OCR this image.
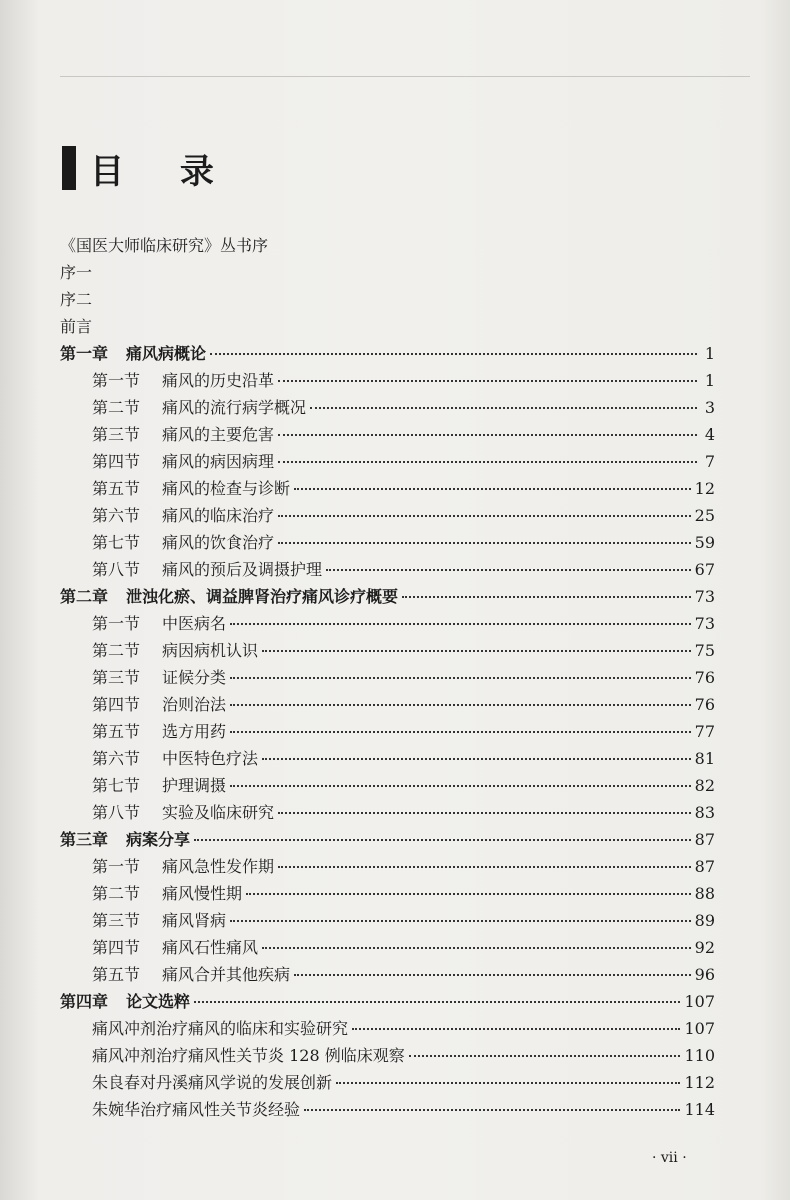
目 录
《国医大师临床研究》丛书序
序一
序二
前言
第一章	痛风病概论	1
第一节	痛风的历史沿革	1
第二节	痛风的流行病学概况	3
第三节	痛风的主要危害	4
第四节	痛风的病因病理	7
第五节	痛风的检查与诊断	12
第六节	痛风的临床治疗	25
第七节	痛风的饮食治疗	59
第八节	痛风的预后及调摄护理	67
第二章	泄浊化瘀、调益脾肾治疗痛风诊疗概要	73
第一节	中医病名	73
第二节	病因病机认识	75
第三节	证候分类	76
第四节	治则治法	76
第五节	选方用药	77
第六节	中医特色疗法	81
第七节	护理调摄	82
第八节	实验及临床研究	83
第三章	病案分享	87
第一节	痛风急性发作期	87
第二节	痛风慢性期	88
第三节	痛风肾病	89
第四节	痛风石性痛风	92
第五节	痛风合并其他疾病	96
第四章	论文选粹	107
痛风冲剂治疗痛风的临床和实验研究	107
痛风冲剂治疗痛风性关节炎 128 例临床观察	110
朱良春对丹溪痛风学说的发展创新	112
朱婉华治疗痛风性关节炎经验	114
· vii ·
